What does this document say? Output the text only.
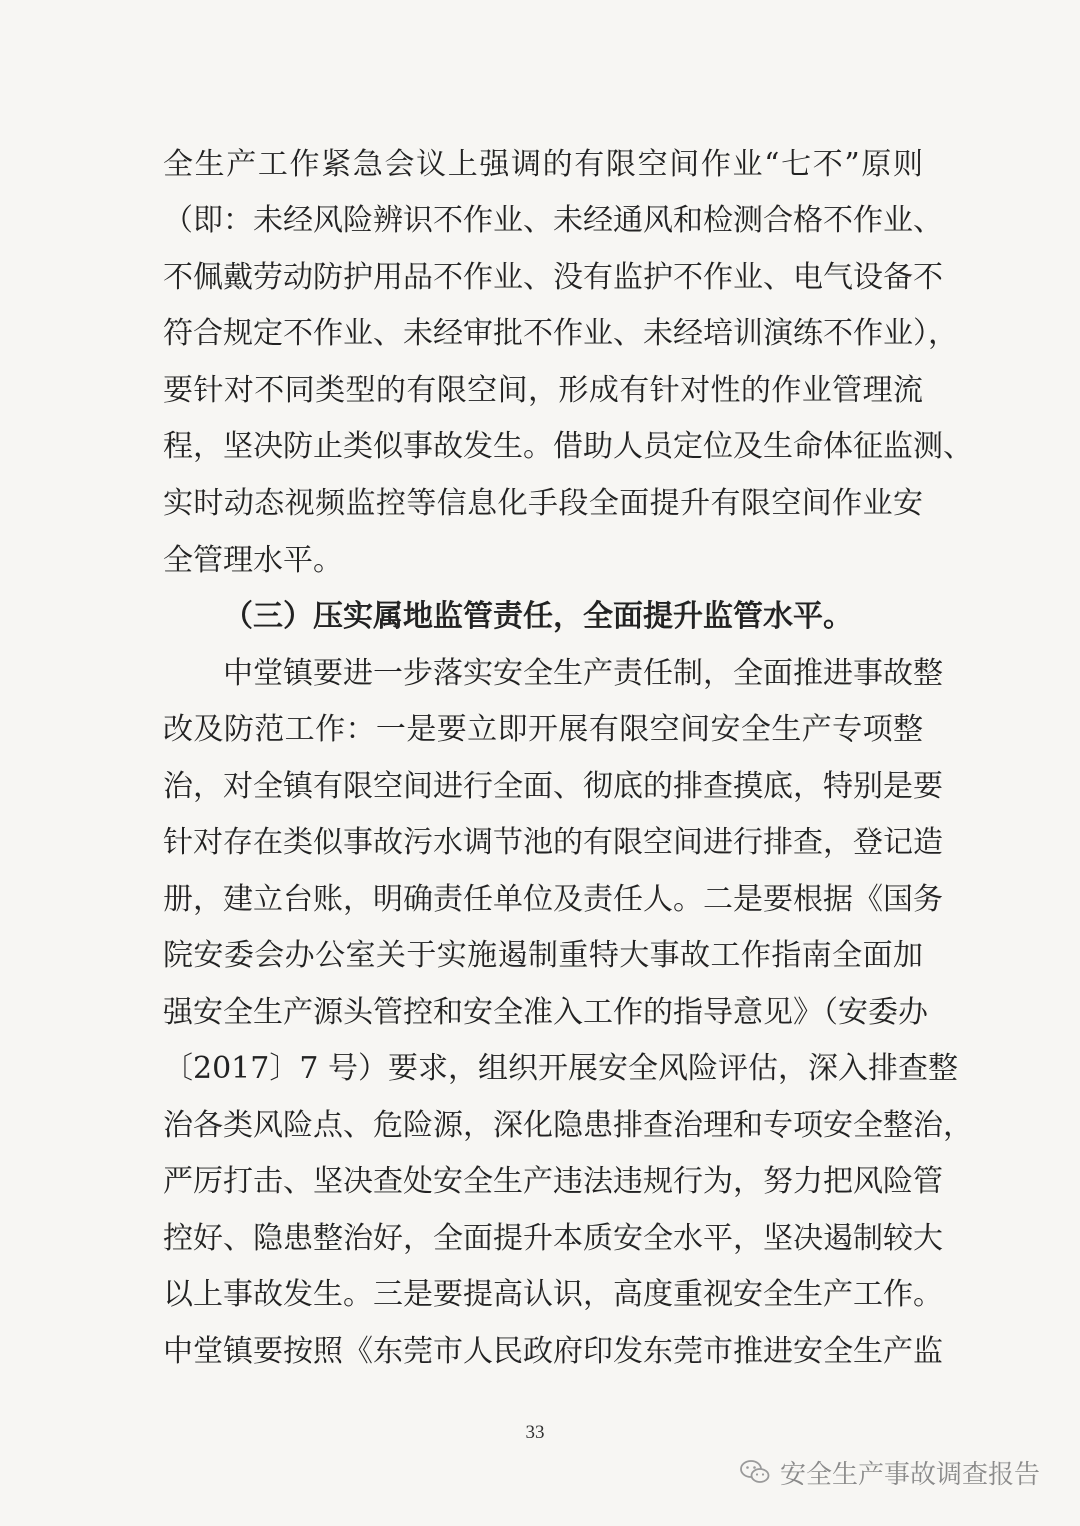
全生产工作紧急会议上强调的有限空间作业“七不”原则
（即：未经风险辨识不作业、未经通风和检测合格不作业、
不佩戴劳动防护用品不作业、没有监护不作业、电气设备不
符合规定不作业、未经审批不作业、未经培训演练不作业），
要针对不同类型的有限空间，形成有针对性的作业管理流
程，坚决防止类似事故发生。借助人员定位及生命体征监测、
实时动态视频监控等信息化手段全面提升有限空间作业安
全管理水平。
（三）压实属地监管责任，全面提升监管水平。
中堂镇要进一步落实安全生产责任制，全面推进事故整
改及防范工作：一是要立即开展有限空间安全生产专项整
治，对全镇有限空间进行全面、彻底的排查摸底，特别是要
针对存在类似事故污水调节池的有限空间进行排查，登记造
册，建立台账，明确责任单位及责任人。二是要根据《国务
院安委会办公室关于实施遏制重特大事故工作指南全面加
强安全生产源头管控和安全准入工作的指导意见》（安委办
〔2017〕7 号）要求，组织开展安全风险评估，深入排查整
治各类风险点、危险源，深化隐患排查治理和专项安全整治，
严厉打击、坚决查处安全生产违法违规行为，努力把风险管
控好、隐患整治好，全面提升本质安全水平，坚决遏制较大
以上事故发生。三是要提高认识，高度重视安全生产工作。
中堂镇要按照《东莞市人民政府印发东莞市推进安全生产监
33
安全生产事故调查报告
